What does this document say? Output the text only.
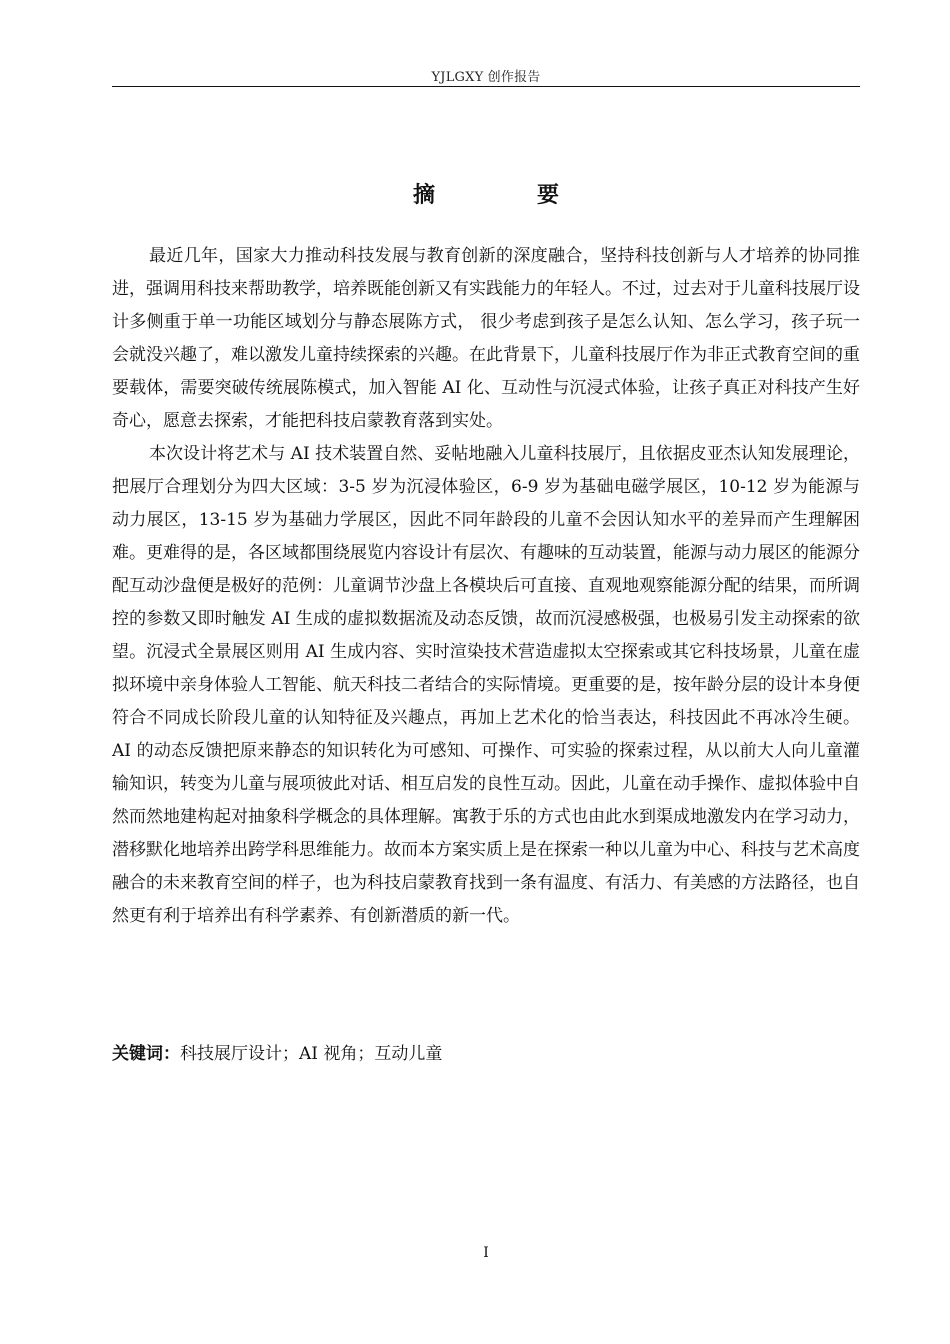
YJLGXY 创作报告
摘　要

最近几年，国家大力推动科技发展与教育创新的深度融合，坚持科技创新与人才培养的协同推进，强调用科技来帮助教学，培养既能创新又有实践能力的年轻人。不过，过去对于儿童科技展厅设计多侧重于单一功能区域划分与静态展陈方式， 很少考虑到孩子是怎么认知、怎么学习，孩子玩一会就没兴趣了，难以激发儿童持续探索的兴趣。在此背景下，儿童科技展厅作为非正式教育空间的重要载体，需要突破传统展陈模式，加入智能 AI 化、互动性与沉浸式体验，让孩子真正对科技产生好奇心，愿意去探索，才能把科技启蒙教育落到实处。

本次设计将艺术与 AI 技术装置自然、妥帖地融入儿童科技展厅，且依据皮亚杰认知发展理论，把展厅合理划分为四大区域：3-5 岁为沉浸体验区，6-9 岁为基础电磁学展区，10-12 岁为能源与动力展区，13-15 岁为基础力学展区，因此不同年龄段的儿童不会因认知水平的差异而产生理解困难。更难得的是，各区域都围绕展览内容设计有层次、有趣味的互动装置，能源与动力展区的能源分配互动沙盘便是极好的范例：儿童调节沙盘上各模块后可直接、直观地观察能源分配的结果，而所调控的参数又即时触发 AI 生成的虚拟数据流及动态反馈，故而沉浸感极强，也极易引发主动探索的欲望。沉浸式全景展区则用 AI 生成内容、实时渲染技术营造虚拟太空探索或其它科技场景，儿童在虚拟环境中亲身体验人工智能、航天科技二者结合的实际情境。更重要的是，按年龄分层的设计本身便符合不同成长阶段儿童的认知特征及兴趣点，再加上艺术化的恰当表达，科技因此不再冰冷生硬。AI 的动态反馈把原来静态的知识转化为可感知、可操作、可实验的探索过程，从以前大人向儿童灌输知识，转变为儿童与展项彼此对话、相互启发的良性互动。因此，儿童在动手操作、虚拟体验中自然而然地建构起对抽象科学概念的具体理解。寓教于乐的方式也由此水到渠成地激发内在学习动力，潜移默化地培养出跨学科思维能力。故而本方案实质上是在探索一种以儿童为中心、科技与艺术高度融合的未来教育空间的样子，也为科技启蒙教育找到一条有温度、有活力、有美感的方法路径，也自然更有利于培养出有科学素养、有创新潜质的新一代。

关键词：科技展厅设计；AI 视角；互动儿童
I
